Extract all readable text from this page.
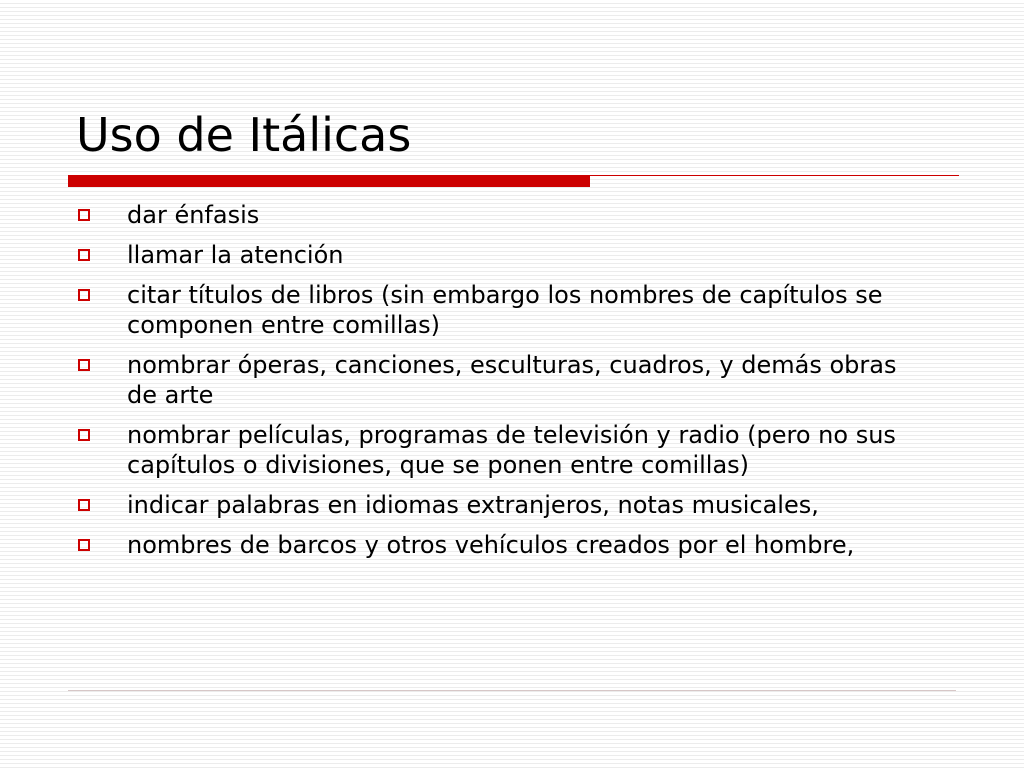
Uso de Itálicas
dar énfasis
llamar la atención
citar títulos de libros (sin embargo los nombres de capítulos se componen entre comillas)
nombrar óperas, canciones, esculturas, cuadros, y demás obras de arte
nombrar películas, programas de televisión y radio (pero no sus capítulos o divisiones, que se ponen entre comillas)
indicar palabras en idiomas extranjeros, notas musicales,
nombres de barcos y otros vehículos creados por el hombre,
